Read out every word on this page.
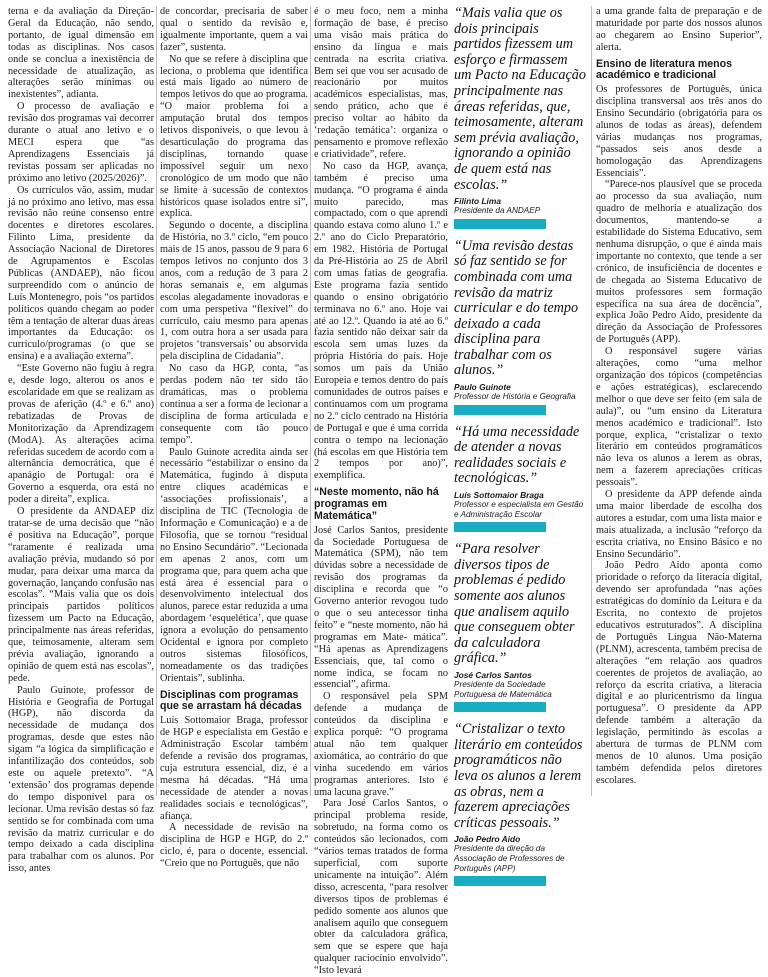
terna e da avaliação da Direção-Geral da Educação, não sendo, portanto, de igual dimensão em todas as disciplinas. Nos casos onde se conclua a inexistência de necessidade de atualização, as alterações serão mínimas ou inexistentes”, adianta.

O processo de avaliação e revisão dos programas vai decorrer durante o atual ano letivo e o MECI espera que “as Aprendizagens Essenciais já revistas possam ser aplicadas no próximo ano letivo (2025/2026)”.

Os currículos vão, assim, mudar já no próximo ano letivo, mas essa revisão não reúne consenso entre docentes e diretores escolares. Filinto Lima, presidente da Associação Nacional de Diretores de Agrupamentos e Escolas Públicas (ANDAEP), não ficou surpreendido com o anúncio de Luís Montenegro, pois “os partidos políticos quando chegam ao poder têm a tentação de alterar duas áreas importantes da Educação: os currículo/programas (o que se ensina) e a avaliação externa”.

“Este Governo não fugiu à regra e, desde logo, alterou os anos e escolaridade em que se realizam as provas de aferição (4.º e 6.º ano) rebatizadas de Provas de Monitorização da Aprendizagem (ModA). As alterações acima referidas sucedem de acordo com a alternância democrática, que é apanágio de Portugal: ora é Governo a esquerda, ora está no poder a direita”, explica.

O presidente da ANDAEP diz tratar-se de uma decisão que “não é positiva na Educação”, porque “raramente é realizada uma avaliação prévia, mudando só por mudar, para deixar uma marca da governação, lançando confusão nas escolas”. “Mais valia que os dois principais partidos políticos fizessem um Pacto na Educação, principalmente nas áreas referidas, que, teimosamente, alteram sem prévia avaliação, ignorando a opinião de quem está nas escolas”, pede.

Paulo Guinote, professor de História e Geografia de Portugal (HGP), não discorda da necessidade de mudança dos programas, desde que estes não sigam “a lógica da simplificação e infantilização dos conteúdos, sob este ou aquele pretexto”. “A ‘extensão’ dos programas depende do tempo disponível para os lecionar. Uma revisão destas só faz sentido se for combinada com uma revisão da matriz curricular e do tempo deixado a cada disciplina para trabalhar com os alunos. Por isso, antes

de concordar, precisaria de saber qual o sentido da revisão e, igualmente importante, quem a vai fazer”, sustenta.

No que se refere à disciplina que leciona, o problema que identifica está mais ligado ao número de tempos letivos do que ao programa. “O maior problema foi a amputação brutal dos tempos letivos disponíveis, o que levou à desarticulação do programa das disciplinas, tornando quase impossível seguir um nexo cronológico de um modo que não se limite à sucessão de contextos históricos quase isolados entre si”, explica.

Segundo o docente, a disciplina de História, no 3.º ciclo, “em pouco mais de 15 anos, passou de 9 para 6 tempos letivos no conjunto dos 3 anos, com a redução de 3 para 2 horas semanais e, em algumas escolas alegadamente inovadoras e com uma perspetiva “flexível” do currículo, caiu mesmo para apenas 1, com outra hora a ser usada para projetos ‘transversais’ ou absorvida pela disciplina de Cidadania”.

No caso da HGP, conta, “as perdas podem não ter sido tão dramáticas, mas o problema continua a ser a forma de lecionar a disciplina de forma articulada e consequente com tão pouco tempo”.

Paulo Guinote acredita ainda ser necessário “estabilizar o ensino da Matemática, fugindo à disputa entre cliques académicas e ‘associações profissionais’, a disciplina de TIC (Tecnologia de Informação e Comunicação) e a de Filosofia, que se tornou “residual no Ensino Secundário”. “Lecionada em apenas 2 anos, com um programa que, para quem acha que está área é essencial para o desenvolvimento intelectual dos alunos, parece estar reduzida a uma abordagem ‘esquelética’, que quase ignora a evolução do pensamento Ocidental e ignora por completo outros sistemas filosóficos, nomeadamente os das tradições Orientais”, sublinha.

Disciplinas com programas que se arrastam há décadas

Luís Sottomaior Braga, professor de HGP e especialista em Gestão e Administração Escolar também defende a revisão dos programas, cuja estrutura essencial, diz, é a mesma há décadas. “Há uma necessidade de atender a novas realidades sociais e tecnológicas”, afiança.

A necessidade de revisão na disciplina de HGP e HGP, do 2.º ciclo, é, para o docente, essencial. “Creio que no Português, que não

é o meu foco, nem a minha formação de base, é preciso uma visão mais prática do ensino da língua e mais centrada na escrita criativa. Bem sei que vou ser acusado de reacionário por muitos académicos especialistas, mas, sendo prático, acho que é preciso voltar ao hábito da ‘redação temática’: organiza o pensamento e promove reflexão e criatividade”, refere.

No caso da HGP, avança, também é preciso uma mudança. “O programa é ainda muito parecido, mas compactado, com o que aprendi quando estava como aluno 1.º e 2.º ano do Ciclo Preparatório, em 1982. História de Portugal da Pré-História ao 25 de Abril com umas fatias de geografia. Este programa fazia sentido quando o ensino obrigatório terminava no 6.º ano. Hoje vai até ao 12.º. Quando ia até ao 6.º fazia sentido não deixar sair da escola sem umas luzes da própria História do país. Hoje somos um país da União Europeia e temos dentro do país comunidades de outros países e continuamos com um programa no 2.º ciclo centrado na História de Portugal e que é uma corrida contra o tempo na lecionação (há escolas em que História tem 2 tempos por ano)”, exemplifica.

“Neste momento, não há programas em Matemática”

José Carlos Santos, presidente da Sociedade Portuguesa de Matemática (SPM), não tem dúvidas sobre a necessidade de revisão dos programas da disciplina e recorda que “o Governo anterior revogou tudo o que o seu antecessor tinha feito” e “neste momento, não há programas em Mate- mática”. “Há apenas as Aprendizagens Essenciais, que, tal como o nome indica, se focam no essencial”, afirma.

O responsável pela SPM defende a mudança de conteúdos da disciplina e explica porquê: “O programa atual não tem qualquer axiomática, ao contrário do que vinha sucedendo em vários programas anteriores. Isto é uma lacuna grave.”

Para José Carlos Santos, o principal problema reside, sobretudo, na forma como os conteúdos são lecionados, com “vários temas tratados de forma superficial, com suporte unicamente na intuição”. Além disso, acrescenta, “para resolver diversos tipos de problemas é pedido somente aos alunos que analisem aquilo que conseguem obter da calculadora gráfica, sem que se espere que haja qualquer raciocínio envolvido”. “Isto levará

“Mais valia que os dois principais partidos fizessem um esforço e firmassem um Pacto na Educação principalmente nas áreas referidas, que, teimosamente, alteram sem prévia avaliação, ignorando a opinião de quem está nas escolas.”
Filinto Lima
Presidente da ANDAEP
“Uma revisão destas só faz sentido se for combinada com uma revisão da matriz curricular e do tempo deixado a cada disciplina para trabalhar com os alunos.”
Paulo Guinote
Professor de História e Geografia
“Há uma necessidade de atender a novas realidades sociais e tecnológicas.”
Luís Sottomaior Braga
Professor e especialista em Gestão e Administração Escolar
“Para resolver diversos tipos de problemas é pedido somente aos alunos que analisem aquilo que conseguem obter da calculadora gráfica.”
José Carlos Santos
Presidente da Sociedade Portuguesa de Matemática
“Cristalizar o texto literário em conteúdos programáticos não leva os alunos a lerem as obras, nem a fazerem apreciações críticas pessoais.”
João Pedro Aido
Presidente da direção da Associação de Professores de Português (APP)

a uma grande falta de preparação e de maturidade por parte dos nossos alunos ao chegarem ao Ensino Superior”, alerta.

Ensino de literatura menos académico e tradicional

Os professores de Português, única disciplina transversal aos três anos do Ensino Secundário (obrigatória para os alunos de todas as áreas), defendem várias mudanças nos programas, “passados seis anos desde a homologação das Aprendizagens Essenciais”.

“Parece-nos plausível que se proceda ao processo da sua avaliação, num quadro de melhoria e atualização dos documentos, mantendo-se a estabilidade do Sistema Educativo, sem nenhuma disrupção, o que é ainda mais importante no contexto, que tende a ser crónico, de insuficiência de docentes e de chegada ao Sistema Educativo de muitos professores sem formação específica na sua área de docência”, explica João Pedro Aido, presidente da direção da Associação de Professores de Português (APP).

O responsável sugere várias alterações, como “uma melhor organização dos tópicos (competências e ações estratégicas), esclarecendo melhor o que deve ser feito (em sala de aula)”, ou “um ensino da Literatura menos académico e tradicional”. Isto porque, explica, “cristalizar o texto literário em conteúdos programáticos não leva os alunos a lerem as obras, nem a fazerem apreciações críticas pessoais”.

O presidente da APP defende ainda uma maior liberdade de escolha dos autores a estudar, com uma lista maior e mais atualizada, a inclusão “reforço da escrita criativa, no Ensino Básico e no Ensino Secundário”.

João Pedro Aido aponta como prioridade o reforço da literacia digital, devendo ser aprofundada “nas ações estratégicas do domínio da Leitura e da Escrita, no contexto de projetos educativos estruturados”. A disciplina de Português Língua Não-Materna (PLNM), acrescenta, também precisa de alterações “em relação aos quadros coerentes de projetos de avaliação, ao reforço da escrita criativa, a literacia digital e ao pluricentrismo da língua portuguesa”. O presidente da APP defende também a alteração da legislação, permitindo às escolas a abertura de turmas de PLNM com menos de 10 alunos. Uma posição também defendida pelos diretores escolares.
